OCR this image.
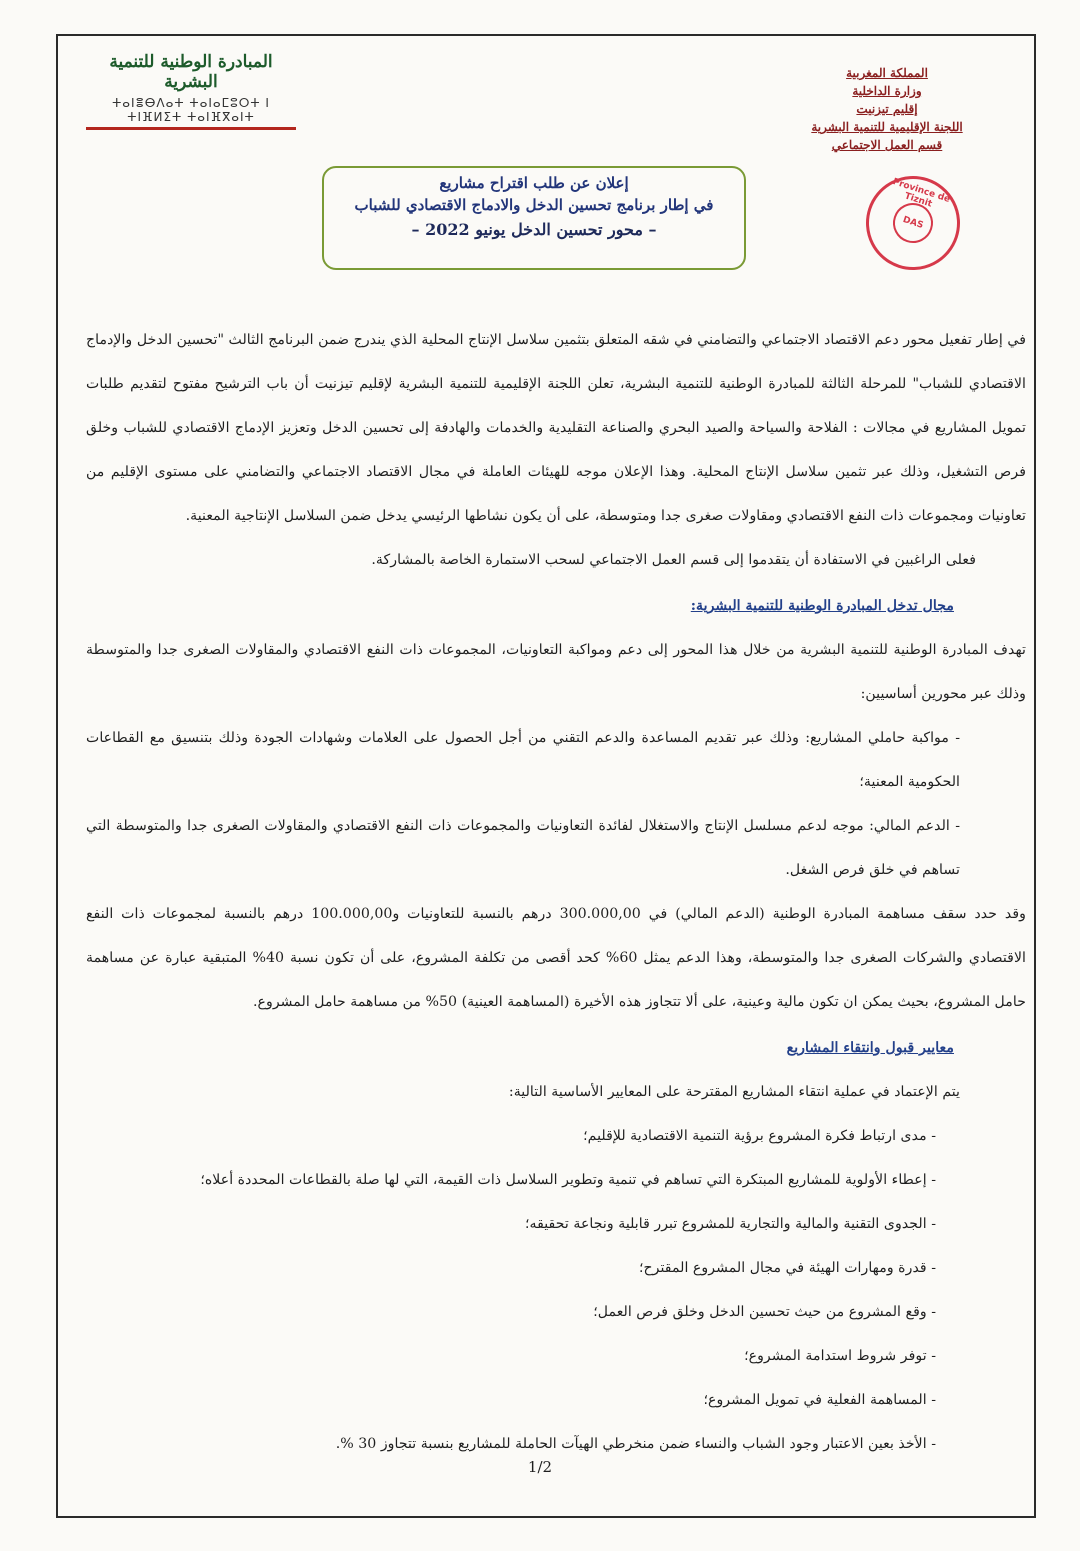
المبادرة الوطنية للتنمية البشرية
ⵜⴰⵏⴻⴱⴷⴰⵜ ⵜⴰⵏⴰⵎⵓⵔⵜ ⵏ ⵜⵏⴼⵍⵉⵜ ⵜⴰⵏⴼⴳⴰⵏⵜ
المملكة المغربية
وزارة الداخلية
إقليم تيزنيت
اللجنة الإقليمية للتنمية البشرية
قسم العمل الاجتماعي
Province de Tiznit
DAS
إعلان عن طلب اقتراح مشاريع
في إطار برنامج تحسين الدخل والادماج الاقتصادي للشباب
– محور تحسين الدخل يونيو 2022 –

في إطار تفعيل محور دعم الاقتصاد الاجتماعي والتضامني في شقه المتعلق بتثمين سلاسل الإنتاج المحلية الذي يندرج ضمن البرنامج الثالث "تحسين الدخل والإدماج الاقتصادي للشباب" للمرحلة الثالثة للمبادرة الوطنية للتنمية البشرية، تعلن اللجنة الإقليمية للتنمية البشرية لإقليم تيزنيت أن باب الترشيح مفتوح لتقديم طلبات تمويل المشاريع في مجالات : الفلاحة والسياحة والصيد البحري والصناعة التقليدية والخدمات والهادفة إلى تحسين الدخل وتعزيز الإدماج الاقتصادي للشباب وخلق فرص التشغيل، وذلك عبر تثمين سلاسل الإنتاج المحلية. وهذا الإعلان موجه للهيئات العاملة في مجال الاقتصاد الاجتماعي والتضامني على مستوى الإقليم من تعاونيات ومجموعات ذات النفع الاقتصادي ومقاولات صغرى جدا ومتوسطة، على أن يكون نشاطها الرئيسي يدخل ضمن السلاسل الإنتاجية المعنية.

فعلى الراغبين في الاستفادة أن يتقدموا إلى قسم العمل الاجتماعي لسحب الاستمارة الخاصة بالمشاركة.

مجال تدخل المبادرة الوطنية للتنمية البشرية:

تهدف المبادرة الوطنية للتنمية البشرية من خلال هذا المحور إلى دعم ومواكبة التعاونيات، المجموعات ذات النفع الاقتصادي والمقاولات الصغرى جدا والمتوسطة وذلك عبر محورين أساسيين:

- مواكبة حاملي المشاريع: وذلك عبر تقديم المساعدة والدعم التقني من أجل الحصول على العلامات وشهادات الجودة وذلك بتنسيق مع القطاعات الحكومية المعنية؛

- الدعم المالي: موجه لدعم مسلسل الإنتاج والاستغلال لفائدة التعاونيات والمجموعات ذات النفع الاقتصادي والمقاولات الصغرى جدا والمتوسطة التي تساهم في خلق فرص الشغل.

وقد حدد سقف مساهمة المبادرة الوطنية (الدعم المالي) في 300.000,00 درهم بالنسبة للتعاونيات و100.000,00 درهم بالنسبة لمجموعات ذات النفع الاقتصادي والشركات الصغرى جدا والمتوسطة، وهذا الدعم يمثل 60% كحد أقصى من تكلفة المشروع، على أن تكون نسبة 40% المتبقية عبارة عن مساهمة حامل المشروع، بحيث يمكن ان تكون مالية وعينية، على ألا تتجاوز هذه الأخيرة (المساهمة العينية) 50% من مساهمة حامل المشروع.

معايير قبول وانتقاء المشاريع

يتم الإعتماد في عملية انتقاء المشاريع المقترحة على المعايير الأساسية التالية:

- مدى ارتباط فكرة المشروع برؤية التنمية الاقتصادية للإقليم؛

- إعطاء الأولوية للمشاريع المبتكرة التي تساهم في تنمية وتطوير السلاسل ذات القيمة، التي لها صلة بالقطاعات المحددة أعلاه؛

- الجدوى التقنية والمالية والتجارية للمشروع تبرر قابلية ونجاعة تحقيقه؛

- قدرة ومهارات الهيئة في مجال المشروع المقترح؛

- وقع المشروع من حيث تحسين الدخل وخلق فرص العمل؛

- توفر شروط استدامة المشروع؛

- المساهمة الفعلية في تمويل المشروع؛

- الأخذ بعين الاعتبار وجود الشباب والنساء ضمن منخرطي الهيآت الحاملة للمشاريع بنسبة تتجاوز 30 %.

1/2
